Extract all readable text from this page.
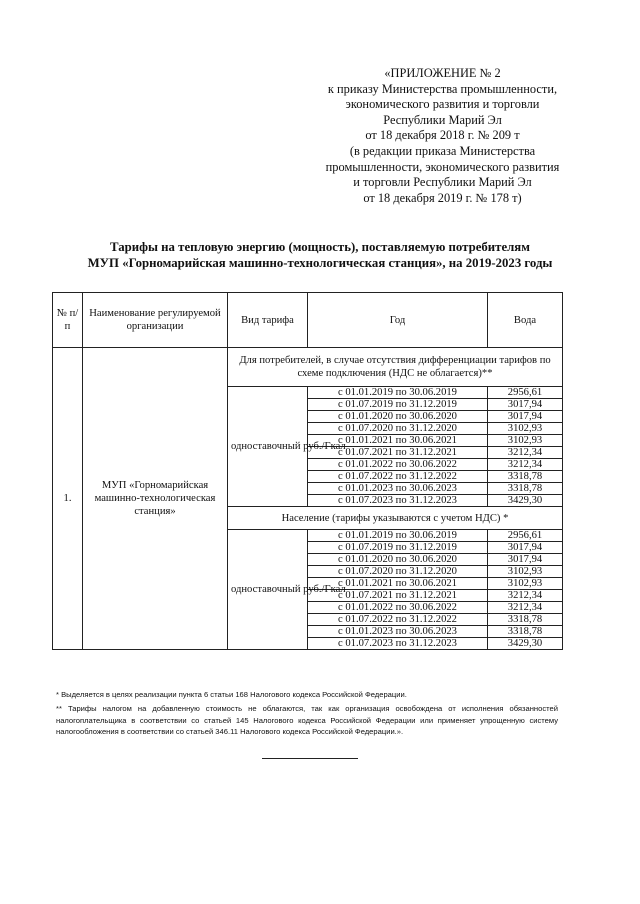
«ПРИЛОЖЕНИЕ № 2
к приказу Министерства промышленности,
экономического развития и торговли
Республики Марий Эл
от 18 декабря 2018 г. № 209 т
(в редакции приказа Министерства
промышленности, экономического развития
и торговли Республики Марий Эл
от 18 декабря 2019 г. № 178 т)
Тарифы на тепловую энергию (мощность), поставляемую потребителям
МУП «Горномарийская машинно-технологическая станция», на 2019-2023 годы
№ п/п	Наименование регулируемой организации	Вид тарифа	Год	Вода
1.	МУП «Горномарийская машинно-технологическая станция»	Для потребителей, в случае отсутствия дифференциации тарифов по схеме подключения (НДС не облагается)**		
		одноставочный руб./Гкал	с 01.01.2019 по 30.06.2019	2956,61
			с 01.07.2019 по 31.12.2019	3017,94
			с 01.01.2020 по 30.06.2020	3017,94
			с 01.07.2020 по 31.12.2020	3102,93
			с 01.01.2021 по 30.06.2021	3102,93
			с 01.07.2021 по 31.12.2021	3212,34
			с 01.01.2022 по 30.06.2022	3212,34
			с 01.07.2022 по 31.12.2022	3318,78
			с 01.01.2023 по 30.06.2023	3318,78
			с 01.07.2023 по 31.12.2023	3429,30
		Население (тарифы указываются с учетом НДС) *		
		одноставочный руб./Гкал	с 01.01.2019 по 30.06.2019	2956,61
			с 01.07.2019 по 31.12.2019	3017,94
			с 01.01.2020 по 30.06.2020	3017,94
			с 01.07.2020 по 31.12.2020	3102,93
			с 01.01.2021 по 30.06.2021	3102,93
			с 01.07.2021 по 31.12.2021	3212,34
			с 01.01.2022 по 30.06.2022	3212,34
			с 01.07.2022 по 31.12.2022	3318,78
			с 01.01.2023 по 30.06.2023	3318,78
			с 01.07.2023 по 31.12.2023	3429,30

* Выделяется в целях реализации пункта 6 статьи 168 Налогового кодекса Российской Федерации.

** Тарифы налогом на добавленную стоимость не облагаются, так как организация освобождена от исполнения обязанностей налогоплательщика в соответствии со статьей 145 Налогового кодекса Российской Федерации или применяет упрощенную систему налогообложения в соответствии со статьей 346.11 Налогового кодекса Российской Федерации.».
